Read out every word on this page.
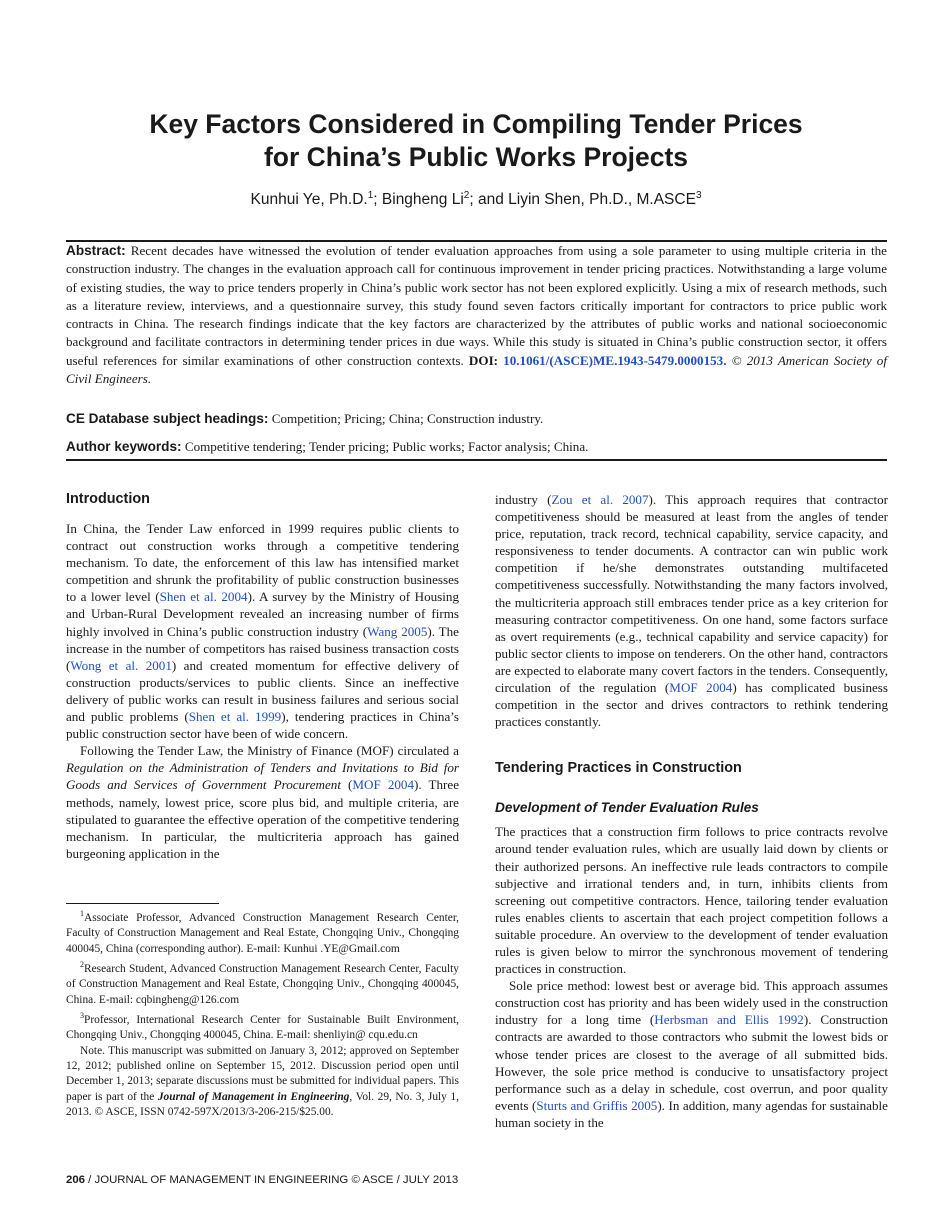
Key Factors Considered in Compiling Tender Prices
for China’s Public Works Projects
Kunhui Ye, Ph.D.$^1$; Bingheng Li$^2$; and Liyin Shen, Ph.D., M.ASCE$^3$
Abstract: Recent decades have witnessed the evolution of tender evaluation approaches from using a sole parameter to using multiple criteria in the construction industry. The changes in the evaluation approach call for continuous improvement in tender pricing practices. Notwithstanding a large volume of existing studies, the way to price tenders properly in China’s public work sector has not been explored explicitly. Using a mix of research methods, such as a literature review, interviews, and a questionnaire survey, this study found seven factors critically important for contractors to price public work contracts in China. The research findings indicate that the key factors are characterized by the attributes of public works and national socioeconomic background and facilitate contractors in determining tender prices in due ways. While this study is situated in China’s public construction sector, it offers useful references for similar examinations of other construction contexts. DOI: 10.1061/(ASCE)ME.1943-5479.0000153. © 2013 American Society of Civil Engineers.
CE Database subject headings: Competition; Pricing; China; Construction industry.
Author keywords: Competitive tendering; Tender pricing; Public works; Factor analysis; China.
Introduction

In China, the Tender Law enforced in 1999 requires public clients to contract out construction works through a competitive tendering mechanism. To date, the enforcement of this law has intensified market competition and shrunk the profitability of public construction businesses to a lower level (Shen et al. 2004). A survey by the Ministry of Housing and Urban-Rural Development revealed an increasing number of firms highly involved in China’s public construction industry (Wang 2005). The increase in the number of competitors has raised business transaction costs (Wong et al. 2001) and created momentum for effective delivery of construction products/services to public clients. Since an ineffective delivery of public works can result in business failures and serious social and public problems (Shen et al. 1999), tendering practices in China’s public construction sector have been of wide concern.

Following the Tender Law, the Ministry of Finance (MOF) circulated a Regulation on the Administration of Tenders and Invitations to Bid for Goods and Services of Government Procurement (MOF 2004). Three methods, namely, lowest price, score plus bid, and multiple criteria, are stipulated to guarantee the effective operation of the competitive tendering mechanism. In particular, the multicriteria approach has gained burgeoning application in the

$^1$Associate Professor, Advanced Construction Management Research Center, Faculty of Construction Management and Real Estate, Chongqing Univ., Chongqing 400045, China (corresponding author). E-mail: Kunhui .YE@Gmail.com

$^2$Research Student, Advanced Construction Management Research Center, Faculty of Construction Management and Real Estate, Chongqing Univ., Chongqing 400045, China. E-mail: cqbingheng@126.com

$^3$Professor, International Research Center for Sustainable Built Environment, Chongqing Univ., Chongqing 400045, China. E-mail: shenliyin@ cqu.edu.cn

Note. This manuscript was submitted on January 3, 2012; approved on September 12, 2012; published online on September 15, 2012. Discussion period open until December 1, 2013; separate discussions must be submitted for individual papers. This paper is part of the Journal of Management in Engineering, Vol. 29, No. 3, July 1, 2013. © ASCE, ISSN 0742-597X/2013/3-206-215/$25.00.

industry (Zou et al. 2007). This approach requires that contractor competitiveness should be measured at least from the angles of tender price, reputation, track record, technical capability, service capacity, and responsiveness to tender documents. A contractor can win public work competition if he/she demonstrates outstanding multifaceted competitiveness successfully. Notwithstanding the many factors involved, the multicriteria approach still embraces tender price as a key criterion for measuring contractor competitiveness. On one hand, some factors surface as overt requirements (e.g., technical capability and service capacity) for public sector clients to impose on tenderers. On the other hand, contractors are expected to elaborate many covert factors in the tenders. Consequently, circulation of the regulation (MOF 2004) has complicated business competition in the sector and drives contractors to rethink tendering practices constantly.

Tendering Practices in Construction
Development of Tender Evaluation Rules

The practices that a construction firm follows to price contracts revolve around tender evaluation rules, which are usually laid down by clients or their authorized persons. An ineffective rule leads contractors to compile subjective and irrational tenders and, in turn, inhibits clients from screening out competitive contractors. Hence, tailoring tender evaluation rules enables clients to ascertain that each project competition follows a suitable procedure. An overview to the development of tender evaluation rules is given below to mirror the synchronous movement of tendering practices in construction.

Sole price method: lowest best or average bid. This approach assumes construction cost has priority and has been widely used in the construction industry for a long time (Herbsman and Ellis 1992). Construction contracts are awarded to those contractors who submit the lowest bids or whose tender prices are closest to the average of all submitted bids. However, the sole price method is conducive to unsatisfactory project performance such as a delay in schedule, cost overrun, and poor quality events (Sturts and Griffis 2005). In addition, many agendas for sustainable human society in the

206 / JOURNAL OF MANAGEMENT IN ENGINEERING © ASCE / JULY 2013
